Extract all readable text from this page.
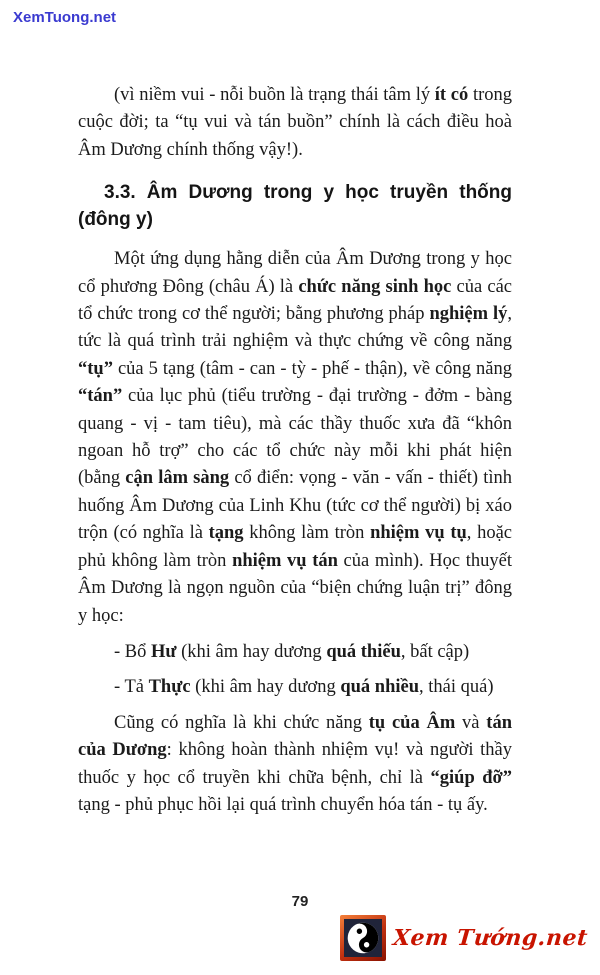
XemTuong.net

(vì niềm vui - nỗi buồn là trạng thái tâm lý ít có trong cuộc đời; ta “tụ vui và tán buồn” chính là cách điều hoà Âm Dương chính thống vậy!).

3.3. Âm Dương trong y học truyền thống
(đông y)

Một ứng dụng hằng diễn của Âm Dương trong y học cổ phương Đông (châu Á) là chức năng sinh học của các tổ chức trong cơ thể người; bằng phương pháp nghiệm lý, tức là quá trình trải nghiệm và thực chứng về công năng “tụ” của 5 tạng (tâm - can - tỳ - phế - thận), về công năng “tán” của lục phủ (tiểu trường - đại trường - đởm - bàng quang - vị - tam tiêu), mà các thầy thuốc xưa đã “khôn ngoan hỗ trợ” cho các tổ chức này mỗi khi phát hiện (bằng cận lâm sàng cổ điển: vọng - văn - vấn - thiết) tình huống Âm Dương của Linh Khu (tức cơ thể người) bị xáo trộn (có nghĩa là tạng không làm tròn nhiệm vụ tụ, hoặc phủ không làm tròn nhiệm vụ tán của mình). Học thuyết Âm Dương là ngọn nguồn của “biện chứng luận trị” đông y học:

- Bổ Hư (khi âm hay dương quá thiếu, bất cập)

- Tả Thực (khi âm hay dương quá nhiều, thái quá)

Cũng có nghĩa là khi chức năng tụ của Âm và tán của Dương: không hoàn thành nhiệm vụ! và người thầy thuốc y học cổ truyền khi chữa bệnh, chỉ là “giúp đỡ” tạng - phủ phục hồi lại quá trình chuyển hóa tán - tụ ấy.

79
Xem Tướng.net
